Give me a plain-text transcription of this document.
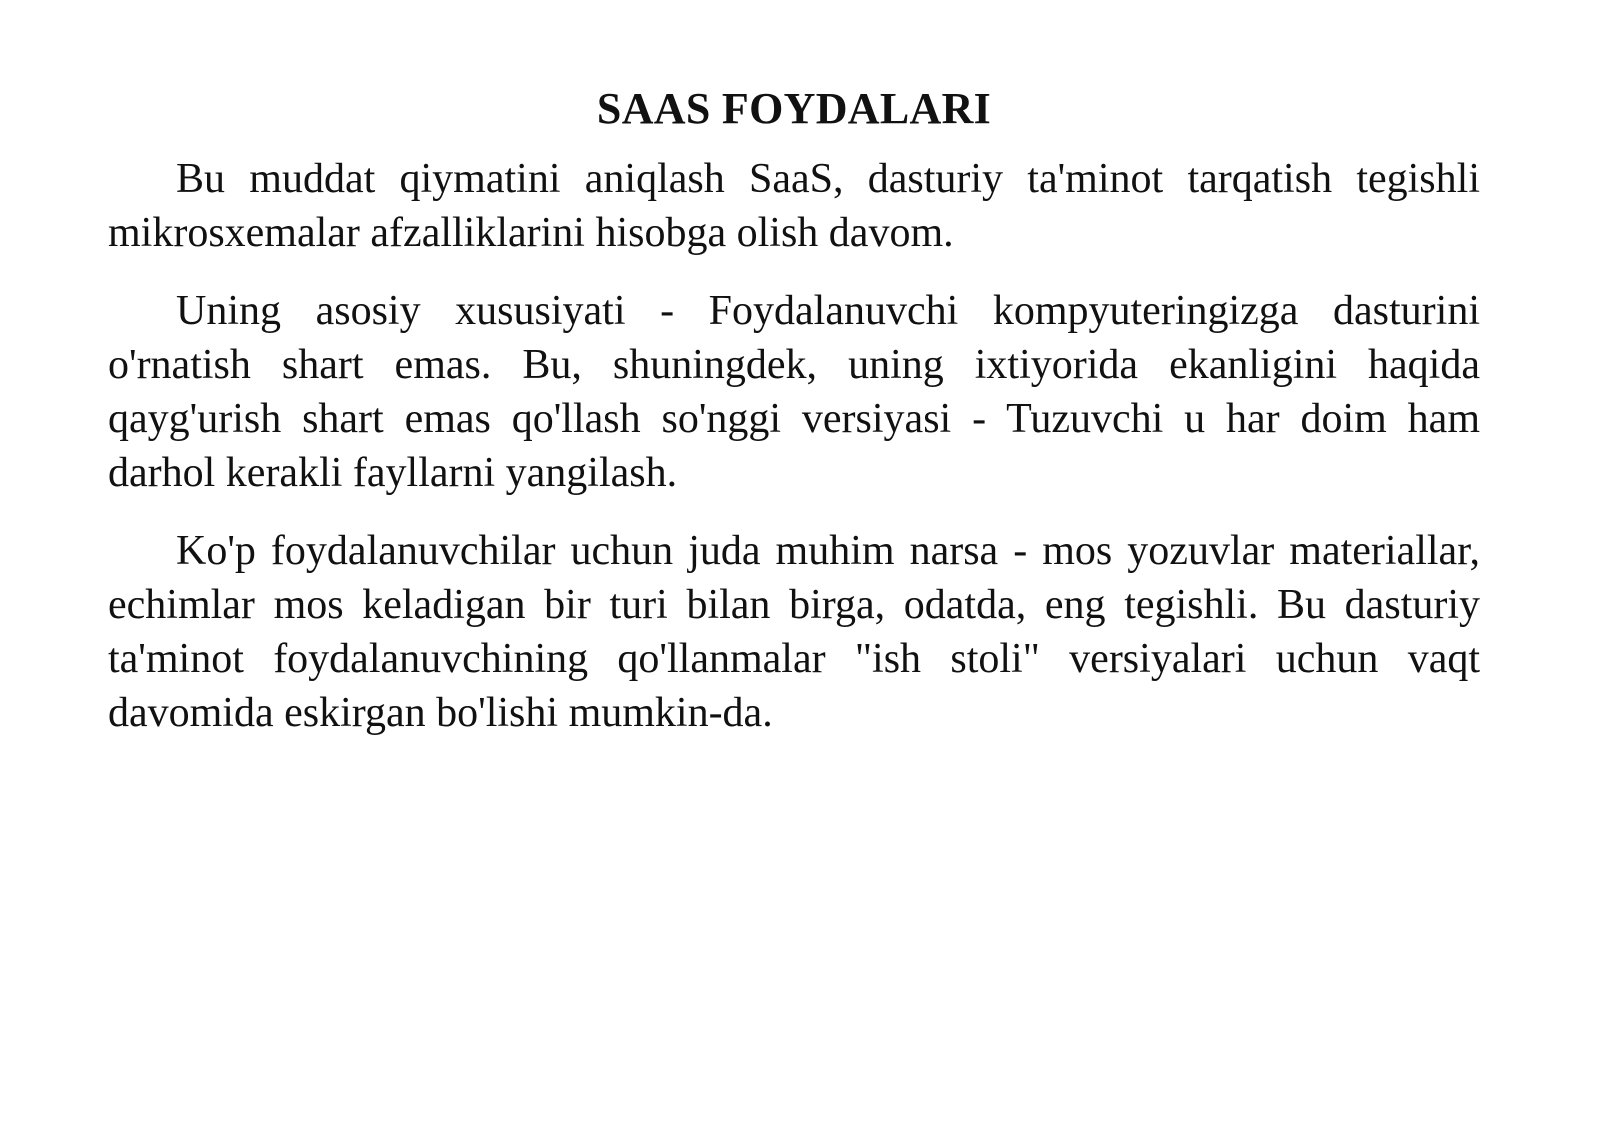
SAAS FOYDALARI

Bu muddat qiymatini aniqlash SaaS, dasturiy ta'minot tarqatish tegishli mikrosxemalar afzalliklarini hisobga olish davom.

Uning asosiy xususiyati - Foydalanuvchi kompyuteringizga dasturini o'rnatish shart emas. Bu, shuningdek, uning ixtiyorida ekanligini haqida qayg'urish shart emas qo'llash so'nggi versiyasi - Tuzuvchi u har doim ham darhol kerakli fayllarni yangilash.

Ko'p foydalanuvchilar uchun juda muhim narsa - mos yozuvlar materiallar, echimlar mos keladigan bir turi bilan birga, odatda, eng tegishli. Bu dasturiy ta'minot foydalanuvchining qo'llanmalar "ish stoli" versiyalari uchun vaqt davomida eskirgan bo'lishi mumkin-da.
